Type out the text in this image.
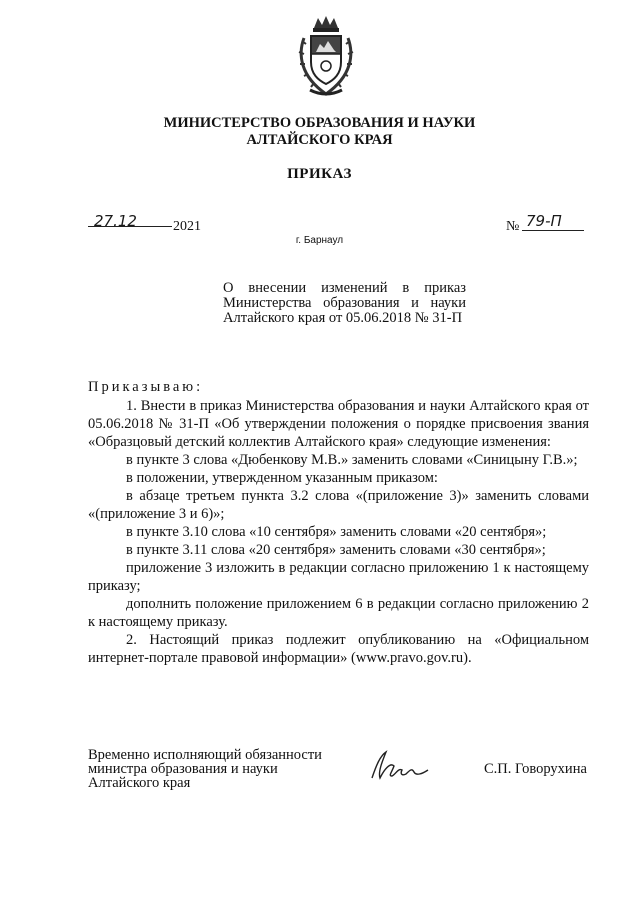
МИНИСТЕРСТВО ОБРАЗОВАНИЯ И НАУКИ
АЛТАЙСКОГО КРАЯ
ПРИКАЗ
27.12	2021	№ 79-П
г. Барнаул
О внесении изменений в приказ Министерства образования и науки Алтайского края от 05.06.2018 № 31-П

Приказываю:

1. Внести в приказ Министерства образования и науки Алтайского края от 05.06.2018 № 31-П «Об утверждении положения о порядке присвоения звания «Образцовый детский коллектив Алтайского края» следующие изменения:

в пункте 3 слова «Дюбенкову М.В.» заменить словами «Синицыну Г.В.»;

в положении, утвержденном указанным приказом:

в абзаце третьем пункта 3.2 слова «(приложение 3)» заменить словами «(приложение 3 и 6)»;

в пункте 3.10 слова «10 сентября» заменить словами «20 сентября»;

в пункте 3.11 слова «20 сентября» заменить словами «30 сентября»;

приложение 3 изложить в редакции согласно приложению 1 к настоящему приказу;

дополнить положение приложением 6 в редакции согласно приложению 2 к настоящему приказу.

2. Настоящий приказ подлежит опубликованию на «Официальном интернет-портале правовой информации» (www.pravo.gov.ru).

Временно исполняющий обязанности
министра образования и науки
Алтайского края
С.П. Говорухина
